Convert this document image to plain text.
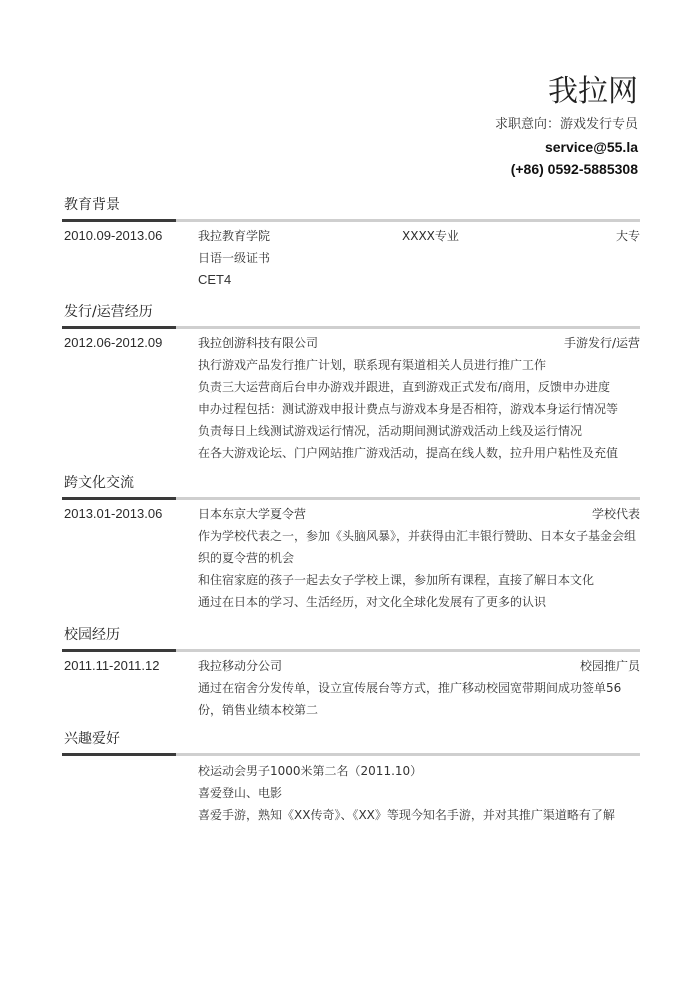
我拉网
求职意向：游戏发行专员
service@55.la
(+86) 0592-5885308
教育背景
2010.09-2013.06	我拉教育学院	XXXX专业	大专
日语一级证书
CET4
发行/运营经历
2012.06-2012.09	我拉创游科技有限公司	手游发行/运营
执行游戏产品发行推广计划，联系现有渠道相关人员进行推广工作
负责三大运营商后台申办游戏并跟进，直到游戏正式发布/商用，反馈申办进度
申办过程包括：测试游戏申报计费点与游戏本身是否相符，游戏本身运行情况等
负责每日上线测试游戏运行情况，活动期间测试游戏活动上线及运行情况
在各大游戏论坛、门户网站推广游戏活动，提高在线人数，拉升用户粘性及充值
跨文化交流
2013.01-2013.06	日本东京大学夏令营	学校代表
作为学校代表之一，参加《头脑风暴》，并获得由汇丰银行赞助、日本女子基金会组织的夏令营的机会
和住宿家庭的孩子一起去女子学校上课，参加所有课程，直接了解日本文化
通过在日本的学习、生活经历，对文化全球化发展有了更多的认识
校园经历
2011.11-2011.12	我拉移动分公司	校园推广员
通过在宿舍分发传单，设立宣传展台等方式，推广移动校园宽带期间成功签单56份，销售业绩本校第二
兴趣爱好
校运动会男子1000米第二名（2011.10）
喜爱登山、电影
喜爱手游，熟知《XX传奇》、《XX》等现今知名手游，并对其推广渠道略有了解
